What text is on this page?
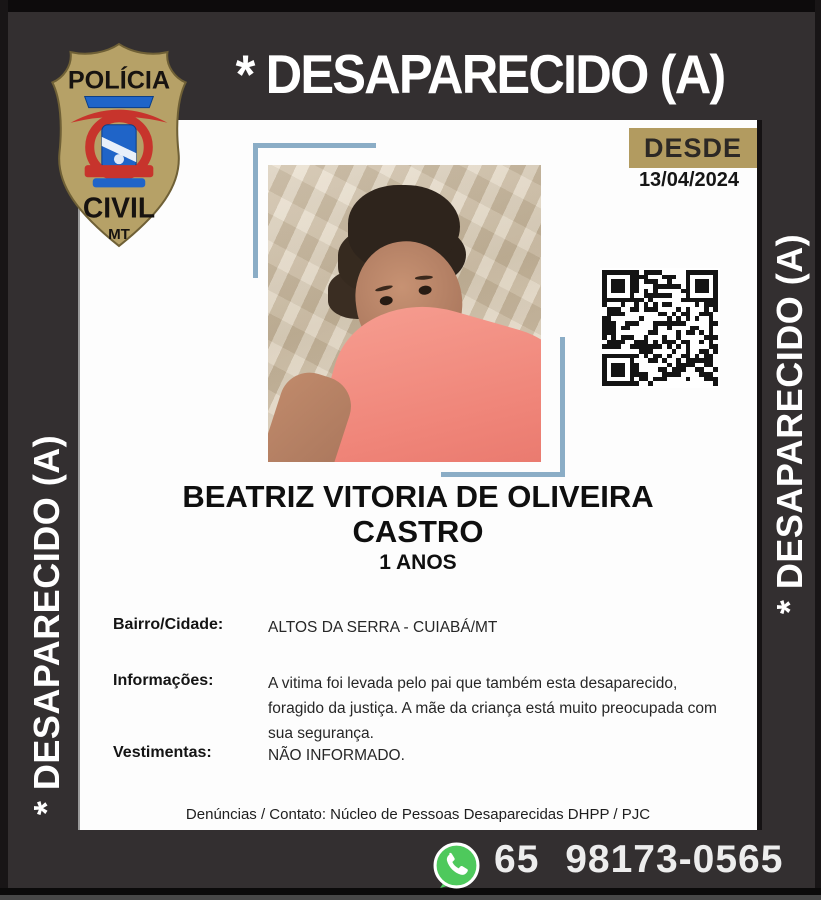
* DESAPARECIDO (A)
* DESAPARECIDO (A)
* DESAPARECIDO (A)
POLÍCIA
CIVIL
MT
DESDE
13/04/2024
BEATRIZ VITORIA DE OLIVEIRA CASTRO
1 ANOS
Bairro/Cidade:	ALTOS DA SERRA - CUIABÁ/MT
Informações:	A vitima foi levada pelo pai que também esta desaparecido, foragido da justiça. A mãe da criança está muito preocupada com sua segurança.
Vestimentas:	NÃO INFORMADO.
Denúncias / Contato: Núcleo de Pessoas Desaparecidas DHPP / PJC
65 98173-0565
